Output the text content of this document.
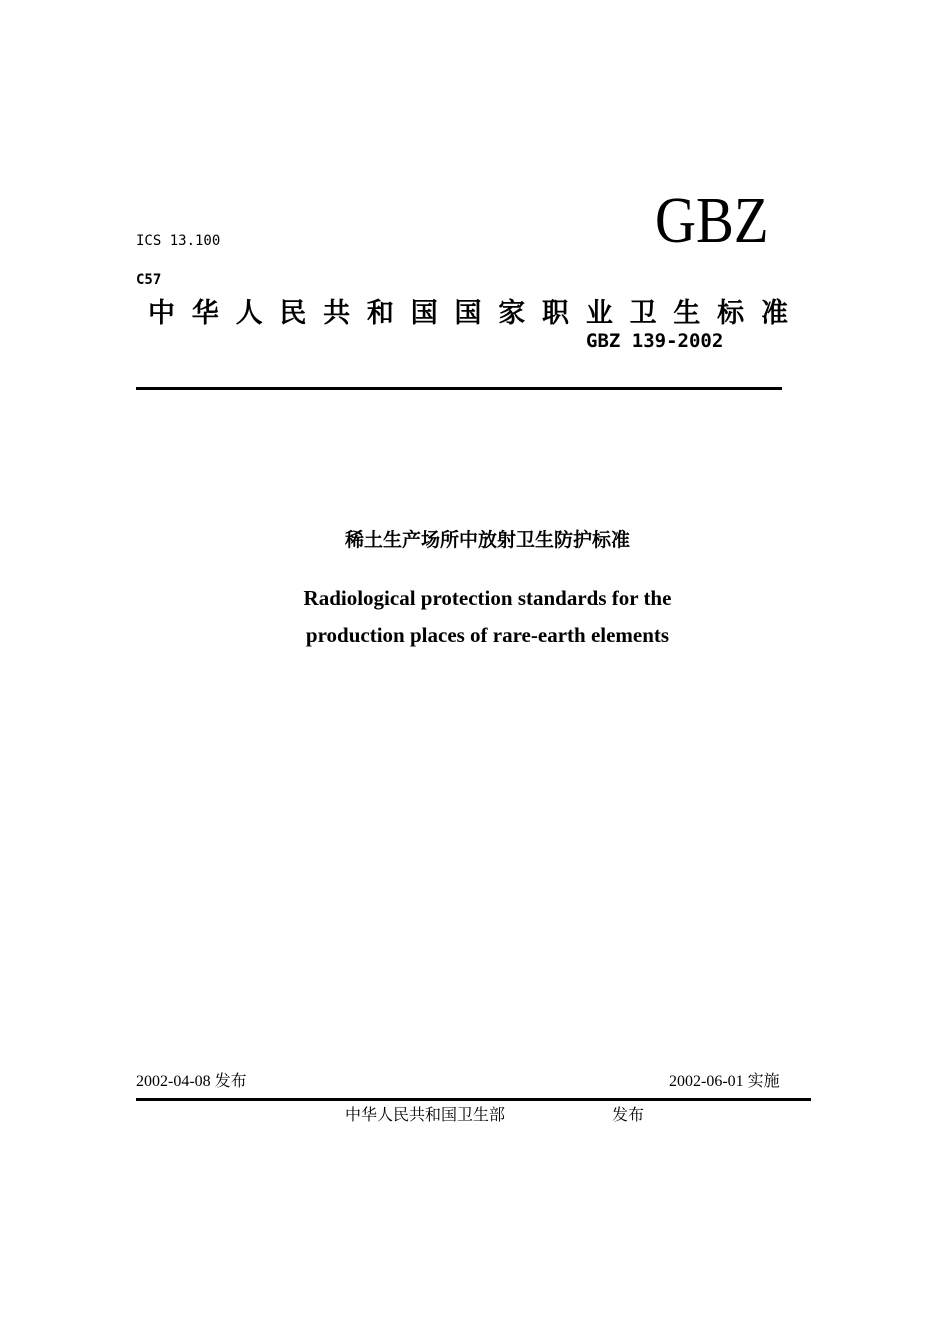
ICS 13.100	GBZ
C57
中 华 人 民 共 和 国 国 家 职 业 卫 生 标 准
GBZ 139-2002
稀土生产场所中放射卫生防护标准
Radiological protection standards for the
production places of rare-earth elements
2002-04-08 发布	2002-06-01 实施
中华人民共和国卫生部	发布
